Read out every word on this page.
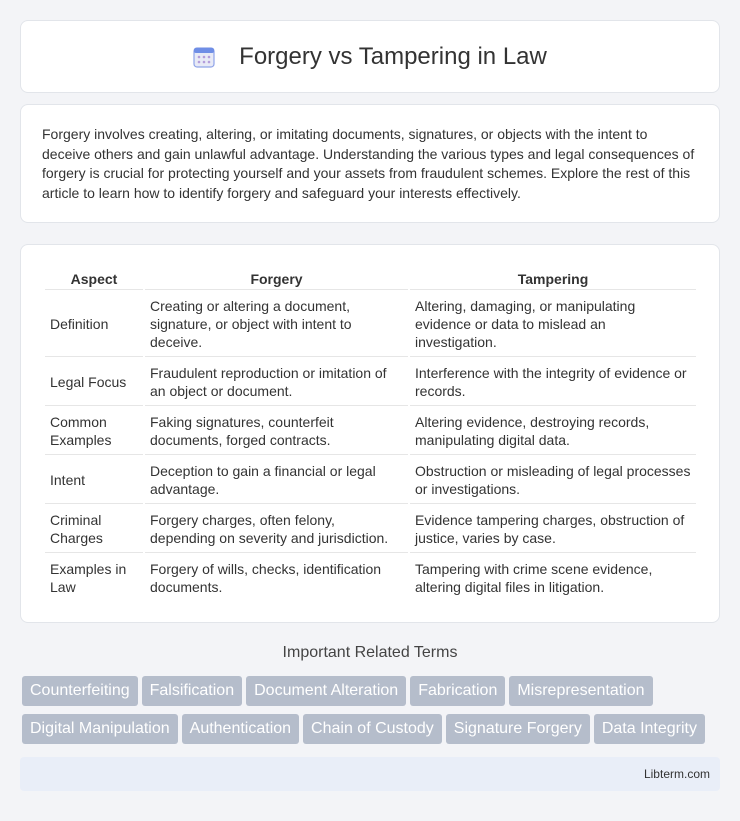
Forgery vs Tampering in Law

Forgery involves creating, altering, or imitating documents, signatures, or objects with the intent to deceive others and gain unlawful advantage. Understanding the various types and legal consequences of forgery is crucial for protecting yourself and your assets from fraudulent schemes. Explore the rest of this article to learn how to identify forgery and safeguard your interests effectively.

Aspect	Forgery	Tampering
Definition	Creating or altering a document, signature, or object with intent to deceive.	Altering, damaging, or manipulating evidence or data to mislead an investigation.
Legal Focus	Fraudulent reproduction or imitation of an object or document.	Interference with the integrity of evidence or records.
Common Examples	Faking signatures, counterfeit documents, forged contracts.	Altering evidence, destroying records, manipulating digital data.
Intent	Deception to gain a financial or legal advantage.	Obstruction or misleading of legal processes or investigations.
Criminal Charges	Forgery charges, often felony, depending on severity and jurisdiction.	Evidence tampering charges, obstruction of justice, varies by case.
Examples in Law	Forgery of wills, checks, identification documents.	Tampering with crime scene evidence, altering digital files in litigation.
Important Related Terms
Counterfeiting Falsification Document Alteration Fabrication Misrepresentation
Digital Manipulation Authentication Chain of Custody Signature Forgery Data Integrity
Libterm.com
